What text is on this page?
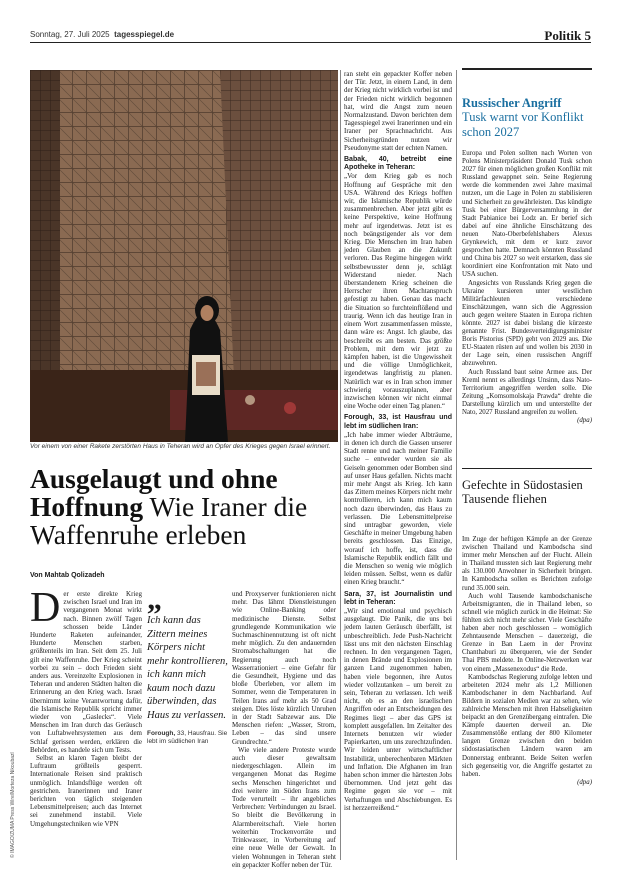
Sonntag, 27. Juli 2025 tagesspiegel.de	Politik 5
Vor einem von einer Rakete zerstörten Haus in Teheran wird an Opfer des Krieges gegen Israel erinnert.
© IMAGO/ZUMA Press Wire/Morteza Nikoubazl
Ausgelaugt und ohne Hoffnung Wie Iraner die Waffenruhe erleben
Von Mahtab Qolizadeh

Der erste direkte Krieg zwischen Israel und Iran im vergangenen Monat wirkt nach. Binnen zwölf Tagen schossen beide Länder Hunderte Raketen aufeinander, Hunderte Menschen starben, größtenteils im Iran. Seit dem 25. Juli gilt eine Waffenruhe. Der Krieg scheint vorbei zu sein – doch Frieden sieht anders aus. Vereinzelte Explosionen in Teheran und anderen Städten halten die Erinnerung an den Krieg wach. Israel übernimmt keine Verantwortung dafür, die Islamische Republik spricht immer wieder von „Gaslecks“. Viele Menschen im Iran durch das Geräusch von Luftabwehrsystemen aus dem Schlaf gerissen werden, erklären die Behörden, es handele sich um Tests.

Selbst an klaren Tagen bleibt der Luftraum größteils gesperrt. Internationale Reisen sind praktisch unmöglich. Inlandsflüge werden oft gestrichen. Iranerinnen und Iraner berichten von täglich steigenden Lebensmittelpreisen; auch das Internet sei zunehmend instabil. Viele Umgehungstechniken wie VPN

„
Ich kann das Zittern meines Körpers nicht mehr kontrollieren, ich kann mich kaum noch dazu überwinden, das Haus zu verlassen.
Forough, 33, Hausfrau. Sie lebt im südlichen Iran

und Proxyserver funktionieren nicht mehr. Das lähmt Dienstleistungen wie Online-Banking oder medizinische Dienste. Selbst grundlegende Kommunikation wie Suchmaschinennutzung ist oft nicht mehr möglich. Zu den andauernden Stromabschaltungen hat die Regierung auch noch Wasserrationiert – eine Gefahr für die Gesundheit, Hygiene und das bloße Überleben, vor allem im Sommer, wenn die Temperaturen in Teilen Irans auf mehr als 50 Grad steigen. Dies löste kürzlich Unruhen in der Stadt Sabzewar aus. Die Menschen riefen: „Wasser, Strom, Leben – das sind unsere Grundrechte.“

Wie viele andere Proteste wurde auch dieser gewaltsam niedergeschlagen. Allein im vergangenen Monat das Regime sechs Menschen hingerichtet und drei weitere im Süden Irans zum Tode verurteilt – ihr angebliches Verbrechen: Verbindungen zu Israel. So bleibt die Bevölkerung in Alarmbereitschaft. Viele horten weiterhin Trockenvorräte und Trinkwasser, in Vorbereitung auf eine neue Welle der Gewalt. In vielen Wohnungen in Teheran steht ein gepackter Koffer neben der Tür.

ran steht ein gepackter Koffer neben der Tür. Jetzt, in einem Land, in dem der Krieg nicht wirklich vorbei ist und der Frieden nicht wirklich begonnen hat, wird die Angst zum neuen Normalzustand. Davon berichten dem Tagesspiegel zwei Iranerinnen und ein Iraner per Sprachnachricht. Aus Sicherheitsgründen nutzen wir Pseudonyme statt der echten Namen.

Babak, 40, betreibt eine Apotheke in Teheran:

„Vor dem Krieg gab es noch Hoffnung auf Gespräche mit den USA. Während des Kriegs hofften wir, die Islamische Republik würde zusammenbrechen. Aber jetzt gibt es keine Perspektive, keine Hoffnung mehr auf irgendetwas. Jetzt ist es noch beängstigender als vor dem Krieg. Die Menschen im Iran haben jeden Glauben an die Zukunft verloren. Das Regime hingegen wirkt selbstbewusster denn je, schlägt Widerstand nieder. Nach überstandenem Krieg scheinen die Herrscher ihren Machtanspruch gefestigt zu haben. Genau das macht die Situation so furchteinflößend und traurig. Wenn ich das heutige Iran in einem Wort zusammenfassen müsste, dann wäre es: Angst. Ich glaube, das beschreibt es am besten. Das größte Problem, mit dem wir jetzt zu kämpfen haben, ist die Ungewissheit und die völlige Unmöglichkeit, irgendetwas langfristig zu planen. Natürlich war es in Iran schon immer schwierig vorauszuplanen, aber inzwischen können wir nicht einmal eine Woche oder einen Tag planen.“

Forough, 33, ist Hausfrau und lebt im südlichen Iran:

„Ich habe immer wieder Albträume, in denen ich durch die Gassen unserer Stadt renne und nach meiner Familie suche – entweder wurden sie als Geiseln genommen oder Bomben sind auf unser Haus gefallen. Nichts macht mir mehr Angst als Krieg. Ich kann das Zittern meines Körpers nicht mehr kontrollieren, ich kann mich kaum noch dazu überwinden, das Haus zu verlassen. Die Lebensmittelpreise sind untragbar geworden, viele Geschäfte in meiner Umgebung haben bereits geschlossen. Das Einzige, worauf ich hoffe, ist, dass die Islamische Republik endlich fällt und die Menschen so wenig wie möglich leiden müssen. Selbst, wenn es dafür einen Krieg braucht.“

Sara, 37, ist Journalistin und lebt in Teheran:

„Wir sind emotional und psychisch ausgelaugt. Die Panik, die uns bei jedem lauten Geräusch überfällt, ist unbeschreiblich. Jede Push-Nachricht lässt uns mit den nächsten Einschlag rechnen. In den vergangenen Tagen, in denen Brände und Explosionen im ganzen Land zugenommen haben, haben viele begonnen, ihre Autos wieder vollzutanken – um bereit zu sein, Teheran zu verlassen. Ich weiß nicht, ob es an den israelischen Angriffen oder an Entscheidungen des Regimes liegt – aber das GPS ist komplett ausgefallen. Im Zeitalter des Internets benutzen wir wieder Papierkarten, um uns zurechtzufinden. Wir leiden unter wirtschaftlicher Instabilität, unberechenbaren Märkten und Inflation. Die Afghanen im Iran haben schon immer die härtesten Jobs übernommen. Und jetzt geht das Regime gegen sie vor – mit Verhaftungen und Abschiebungen. Es ist herzzerreißend.“

Russischer Angriff
Tusk warnt vor Konflikt schon 2027

Europa und Polen sollten nach Worten von Polens Ministerpräsident Donald Tusk schon 2027 für einen möglichen großen Konflikt mit Russland gewappnet sein. Seine Regierung werde die kommenden zwei Jahre maximal nutzen, um die Lage in Polen zu stabilisieren und Sicherheit zu gewährleisten. Das kündigte Tusk bei einer Bürgerversammlung in der Stadt Pabianice bei Lodz an. Er berief sich dabei auf eine ähnliche Einschätzung des neuen Nato-Oberbefehlshabers Alexus Grynkewich, mit dem er kurz zuvor gesprochen hatte. Demnach könnten Russland und China bis 2027 so weit erstarken, dass sie koordiniert eine Konfrontation mit Nato und USA suchen.

Angesichts von Russlands Krieg gegen die Ukraine kursieren unter westlichen Militärfachleuten verschiedene Einschätzungen, wann sich die Aggression auch gegen weitere Staaten in Europa richten könnte. 2027 ist dabei bislang die kürzeste genannte Frist. Bundesverteidigungsminister Boris Pistorius (SPD) geht von 2029 aus. Die EU-Staaten rüsten auf und wollen bis 2030 in der Lage sein, einen russischen Angriff abzuwehren.

Auch Russland baut seine Armee aus. Der Kreml nennt es allerdings Unsinn, dass Nato-Territorium angegriffen werden solle. Die Zeitung „Komsomolskaja Prawda“ drehte die Darstellung kürzlich um und unterstellte der Nato, 2027 Russland angreifen zu wollen.

(dpa)

Gefechte in Südostasien
Tausende fliehen

Im Zuge der heftigen Kämpfe an der Grenze zwischen Thailand und Kambodscha sind immer mehr Menschen auf der Flucht. Allein in Thailand mussten sich laut Regierung mehr als 130.000 Anwohner in Sicherheit bringen. In Kambodscha sollen es Berichten zufolge rund 35.000 sein.

Auch wohl Tausende kambodschanische Arbeitsmigranten, die in Thailand leben, so schnell wie möglich zurück in die Heimat: Sie fühlten sich nicht mehr sicher. Viele Geschäfte haben aber noch geschlossen – womöglich Zehntausende Menschen – dauerzeigt, die Grenze in Ban Laem in der Provinz Chanthaburi zu überqueren, wie der Sender Thai PBS meldete. In Online-Netzwerken war von einem „Massenexodus“ die Rede.

Kambodschas Regierung zufolge lebten und arbeiteten 2024 mehr als 1,2 Millionen Kambodschaner in dem Nachbarland. Auf Bildern in sozialen Medien war zu sehen, wie zahlreiche Menschen mit ihren Habseligkeiten beipackt an den Grenzübergang eintrafen. Die Kämpfe dauerten derweil an. Die Zusammenstöße entlang der 800 Kilometer langen Grenze zwischen den beiden südostasiatischen Ländern waren am Donnerstag entbrannt. Beide Seiten werfen sich gegenseitig vor, die Angriffe gestartet zu haben.

(dpa)
